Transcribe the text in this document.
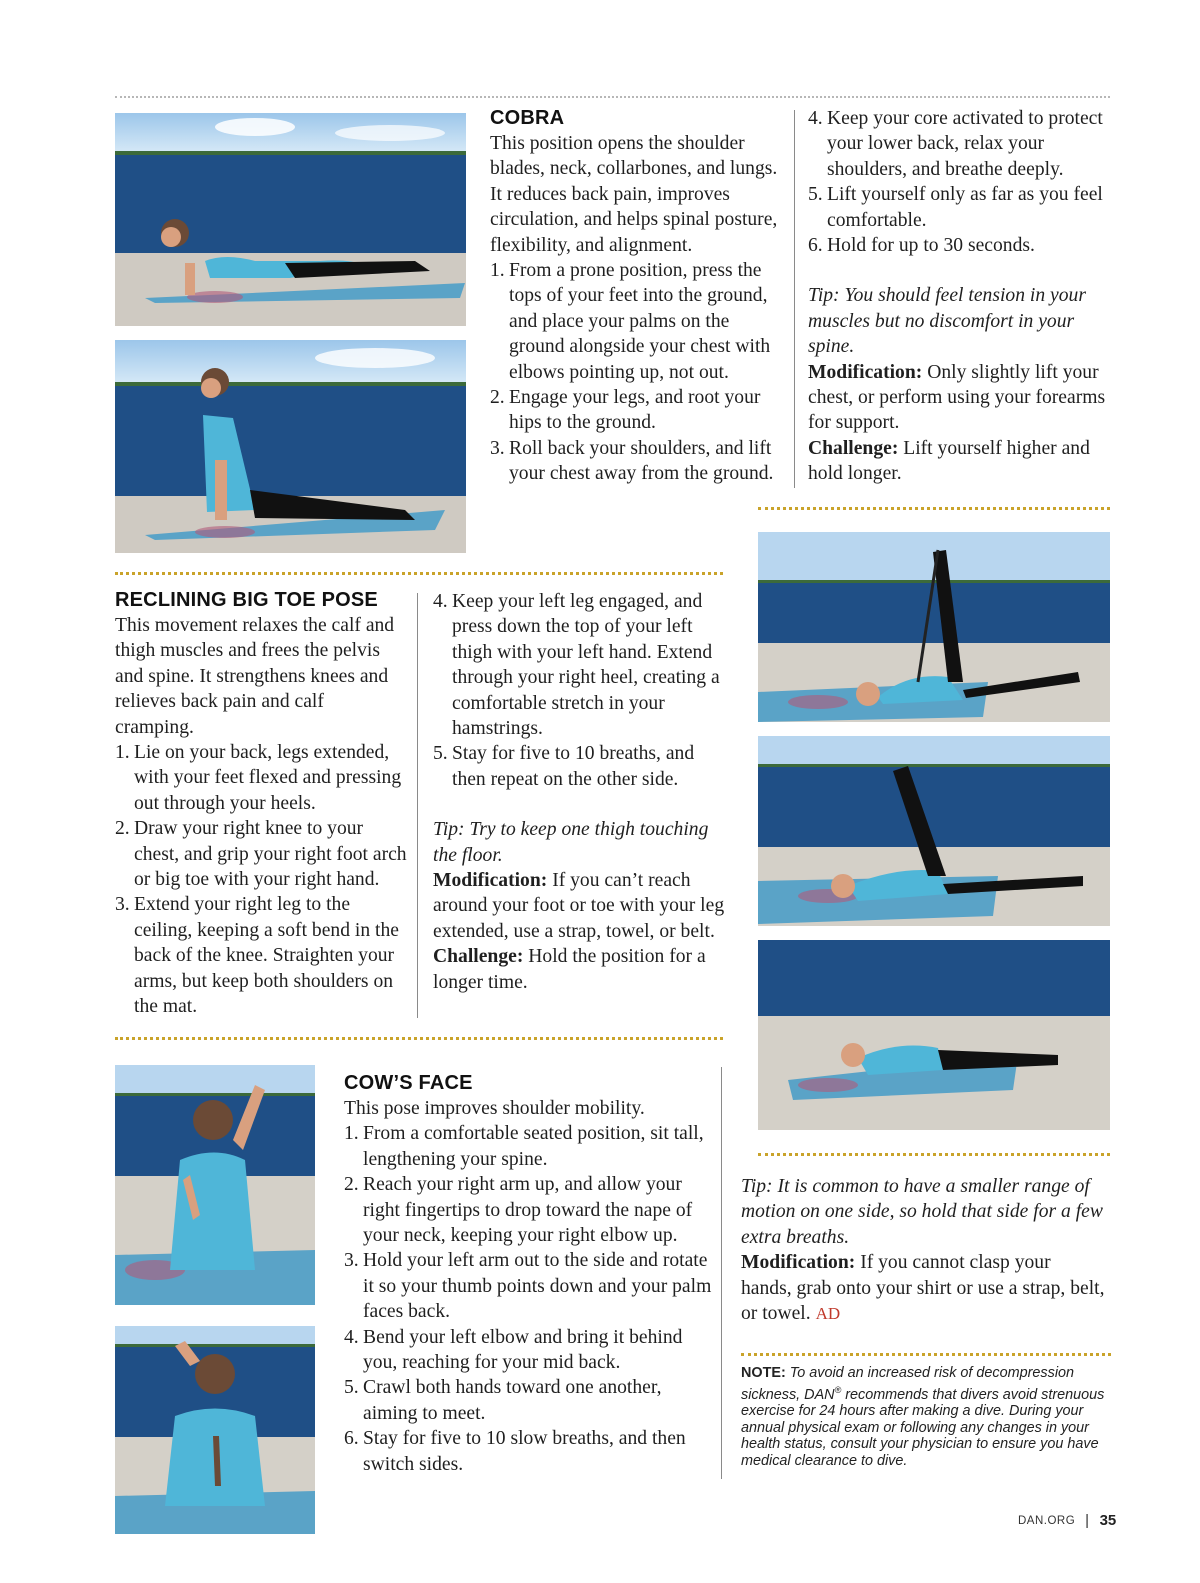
COBRA
This position opens the shoulder blades, neck, collarbones, and lungs. It reduces back pain, improves circulation, and helps spinal posture, flexibility, and alignment.
1. From a prone position, press the tops of your feet into the ground, and place your palms on the ground alongside your chest with elbows pointing up, not out.
2. Engage your legs, and root your hips to the ground.
3. Roll back your shoulders, and lift your chest away from the ground.
4. Keep your core activated to protect your lower back, relax your shoulders, and breathe deeply.
5. Lift yourself only as far as you feel comfortable.
6. Hold for up to 30 seconds.
Tip: You should feel tension in your muscles but no discomfort in your spine.
Modification: Only slightly lift your chest, or perform using your forearms for support.
Challenge: Lift yourself higher and hold longer.
RECLINING BIG TOE POSE
This movement relaxes the calf and thigh muscles and frees the pelvis and spine. It strengthens knees and relieves back pain and calf cramping.
1. Lie on your back, legs extended, with your feet flexed and pressing out through your heels.
2. Draw your right knee to your chest, and grip your right foot arch or big toe with your right hand.
3. Extend your right leg to the ceiling, keeping a soft bend in the back of the knee. Straighten your arms, but keep both shoulders on the mat.
4. Keep your left leg engaged, and press down the top of your left thigh with your left hand. Extend through your right heel, creating a comfortable stretch in your hamstrings.
5. Stay for five to 10 breaths, and then repeat on the other side.
Tip: Try to keep one thigh touching the floor.
Modification: If you can’t reach around your foot or toe with your leg extended, use a strap, towel, or belt.
Challenge: Hold the position for a longer time.
COW’S FACE
This pose improves shoulder mobility.
1. From a comfortable seated position, sit tall, lengthening your spine.
2. Reach your right arm up, and allow your right fingertips to drop toward the nape of your neck, keeping your right elbow up.
3. Hold your left arm out to the side and rotate it so your thumb points down and your palm faces back.
4. Bend your left elbow and bring it behind you, reaching for your mid back.
5. Crawl both hands toward one another, aiming to meet.
6. Stay for five to 10 slow breaths, and then switch sides.
Tip: It is common to have a smaller range of motion on one side, so hold that side for a few extra breaths.
Modification: If you cannot clasp your hands, grab onto your shirt or use a strap, belt, or towel. AD
NOTE: To avoid an increased risk of decompression sickness, DAN® recommends that divers avoid strenuous exercise for 24 hours after making a dive. During your annual physical exam or following any changes in your health status, consult your physician to ensure you have medical clearance to dive.
DAN.ORG | 35
